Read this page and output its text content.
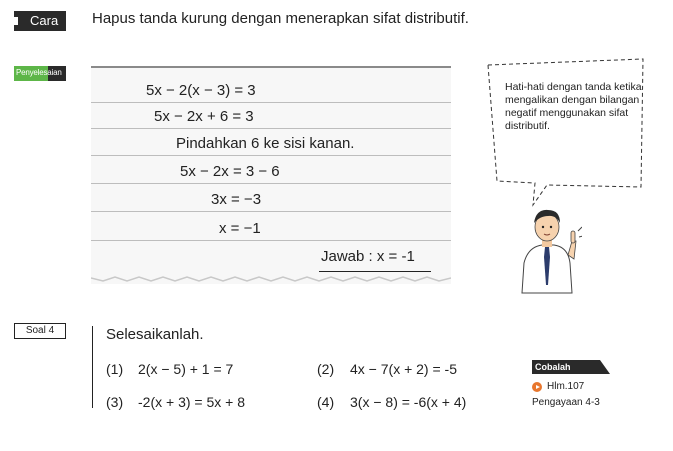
Cara Hapus tanda kurung dengan menerapkan sifat distributif.
Penyelesaian
5x − 2(x − 3) = 3
5x − 2x + 6 = 3
Pindahkan 6 ke sisi kanan.
5x − 2x = 3 − 6
3x = −3
x = −1
Jawab : x = -1
Hati-hati dengan tanda ketika mengalikan dengan bilangan negatif menggunakan sifat distributif.
Soal 4	Selesaikanlah.
(1) 2(x − 5) + 1 = 7	(2) 4x − 7(x + 2) = -5
(3) -2(x + 3) = 5x + 8	(4) 3(x − 8) = -6(x + 4)
Cobalah
Hlm.107
Pengayaan 4-3
